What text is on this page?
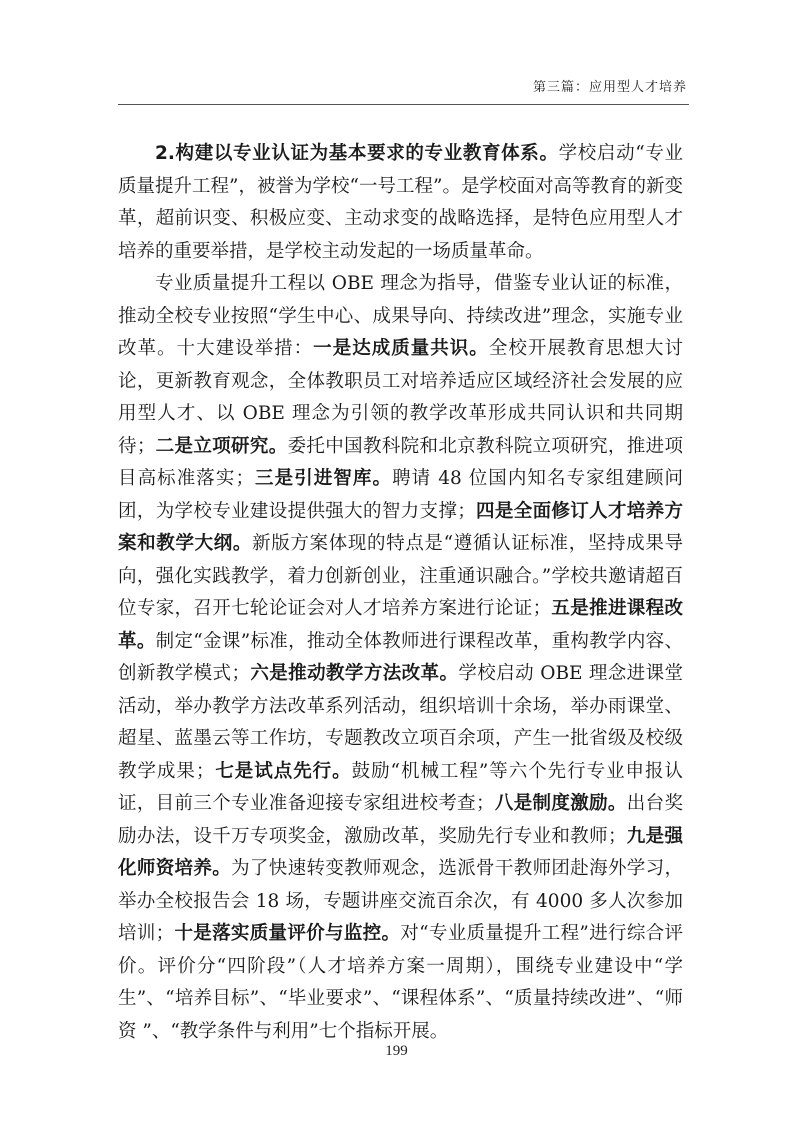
第三篇：应用型人才培养

2.构建以专业认证为基本要求的专业教育体系。学校启动“专业质量提升工程”，被誉为学校“一号工程”。是学校面对高等教育的新变革，超前识变、积极应变、主动求变的战略选择，是特色应用型人才培养的重要举措，是学校主动发起的一场质量革命。

专业质量提升工程以 OBE 理念为指导，借鉴专业认证的标准，推动全校专业按照“学生中心、成果导向、持续改进”理念，实施专业改革。十大建设举措：一是达成质量共识。全校开展教育思想大讨论，更新教育观念，全体教职员工对培养适应区域经济社会发展的应用型人才、以 OBE 理念为引领的教学改革形成共同认识和共同期待；二是立项研究。委托中国教科院和北京教科院立项研究，推进项目高标准落实；三是引进智库。聘请 48 位国内知名专家组建顾问团，为学校专业建设提供强大的智力支撑；四是全面修订人才培养方案和教学大纲。新版方案体现的特点是“遵循认证标准，坚持成果导向，强化实践教学，着力创新创业，注重通识融合。”学校共邀请超百位专家，召开七轮论证会对人才培养方案进行论证；五是推进课程改革。制定“金课”标准，推动全体教师进行课程改革，重构教学内容、创新教学模式；六是推动教学方法改革。学校启动 OBE 理念进课堂活动，举办教学方法改革系列活动，组织培训十余场，举办雨课堂、超星、蓝墨云等工作坊，专题教改立项百余项，产生一批省级及校级教学成果；七是试点先行。鼓励“机械工程”等六个先行专业申报认证，目前三个专业准备迎接专家组进校考查；八是制度激励。出台奖励办法，设千万专项奖金，激励改革，奖励先行专业和教师；九是强化师资培养。为了快速转变教师观念，选派骨干教师团赴海外学习，举办全校报告会 18 场，专题讲座交流百余次，有 4000 多人次参加培训；十是落实质量评价与监控。对“专业质量提升工程”进行综合评价。评价分“四阶段”（人才培养方案一周期），围绕专业建设中“学生”、“培养目标”、“毕业要求”、“课程体系”、“质量持续改进”、“师资 ”、“教学条件与利用”七个指标开展。

199
